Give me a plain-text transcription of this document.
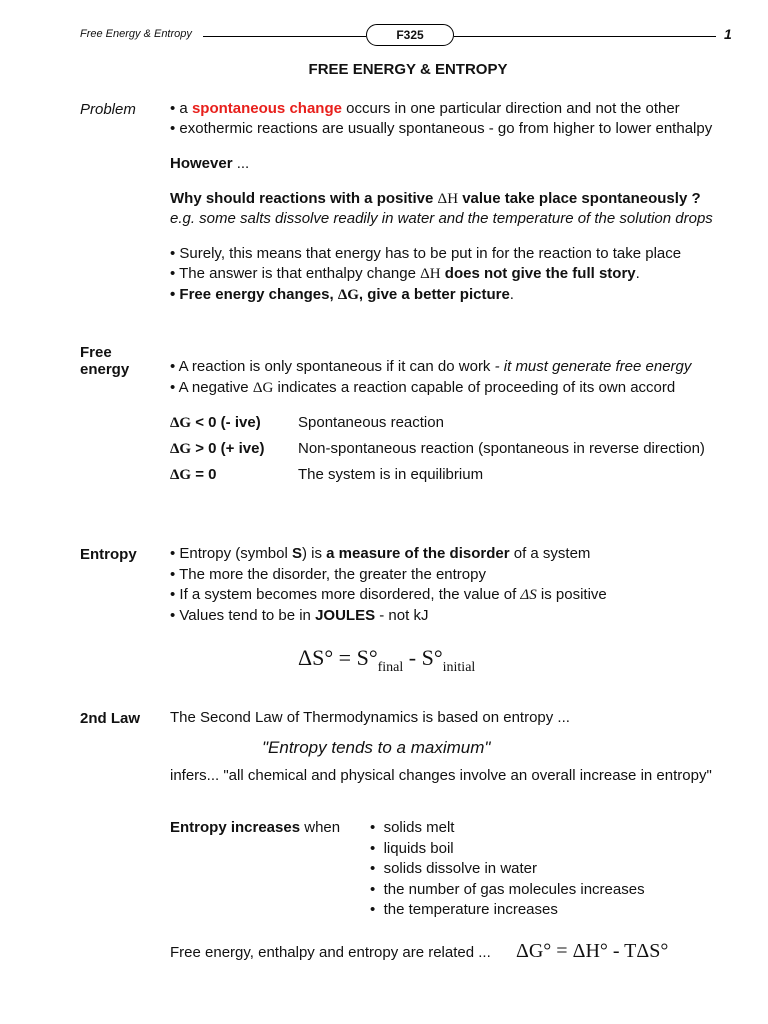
Free Energy & Entropy	F325	1
FREE ENERGY & ENTROPY
Problem • a spontaneous change occurs in one particular direction and not the other
• exothermic reactions are usually spontaneous - go from higher to lower enthalpy
However ...
Why should reactions with a positive ΔH value take place spontaneously ?
e.g. some salts dissolve readily in water and the temperature of the solution drops
• Surely, this means that energy has to be put in for the reaction to take place
• The answer is that enthalpy change ΔH does not give the full story.
• Free energy changes, ΔG, give a better picture.
Free
energy	• A reaction is only spontaneous if it can do work - it must generate free energy
• A negative ΔG indicates a reaction capable of proceeding of its own accord
ΔG < 0 (- ive) Spontaneous reaction
ΔG > 0 (+ ive) Non-spontaneous reaction (spontaneous in reverse direction)
ΔG = 0	The system is in equilibrium
Entropy • Entropy (symbol S) is a measure of the disorder of a system
• The more the disorder, the greater the entropy
• If a system becomes more disordered, the value of ΔS is positive
• Values tend to be in JOULES - not kJ
$\Delta S^\circ = S^\circ_{final} - S^\circ_{initial}$
2nd Law The Second Law of Thermodynamics is based on entropy ...
"Entropy tends to a maximum"
infers... "all chemical and physical changes involve an overall increase in entropy"
Entropy increases when •  solids melt
•  liquids boil
•  solids dissolve in water
•  the number of gas molecules increases
•  the temperature increases
Free energy, enthalpy and entropy are related ... ΔG° = ΔH° - TΔS°
